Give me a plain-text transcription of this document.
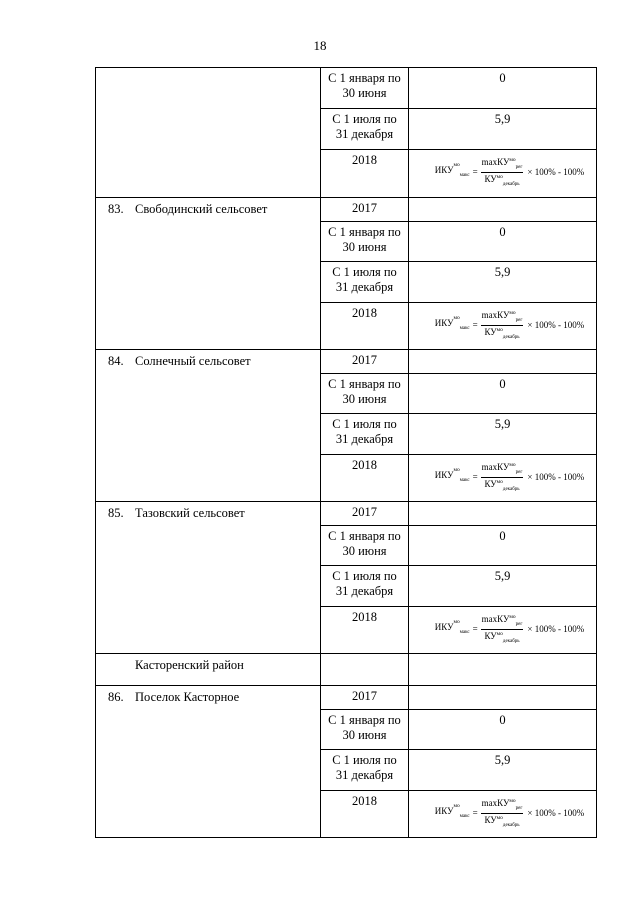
18

	С 1 января по
30 июня	0

	С 1 июля по
31 декабря	5,9
	2018	$ИКУ^{мо}_{макс} = \frac{\max КУ^{мо}_{рег}}{КУ^{мо}_{декабрь}} \times 100\% - 100\%$

83. Свободинский сельсовет	2017	

	С 1 января по
30 июня	0

	С 1 июля по
31 декабря	5,9
	2018	$ИКУ^{мо}_{макс} = \frac{\max КУ^{мо}_{рег}}{КУ^{мо}_{декабрь}} \times 100\% - 100\%$

84. Солнечный сельсовет	2017	

	С 1 января по
30 июня	0

	С 1 июля по
31 декабря	5,9
	2018	$ИКУ^{мо}_{макс} = \frac{\max КУ^{мо}_{рег}}{КУ^{мо}_{декабрь}} \times 100\% - 100\%$

85. Тазовский сельсовет	2017	

	С 1 января по
30 июня	0

	С 1 июля по
31 декабря	5,9
	2018	$ИКУ^{мо}_{макс} = \frac{\max КУ^{мо}_{рег}}{КУ^{мо}_{декабрь}} \times 100\% - 100\%$

Касторенский район		
86. Поселок Касторное	2017	

	С 1 января по
30 июня	0

	С 1 июля по
31 декабря	5,9
	2018	$ИКУ^{мо}_{макс} = \frac{\max КУ^{мо}_{рег}}{КУ^{мо}_{декабрь}} \times 100\% - 100\%$
